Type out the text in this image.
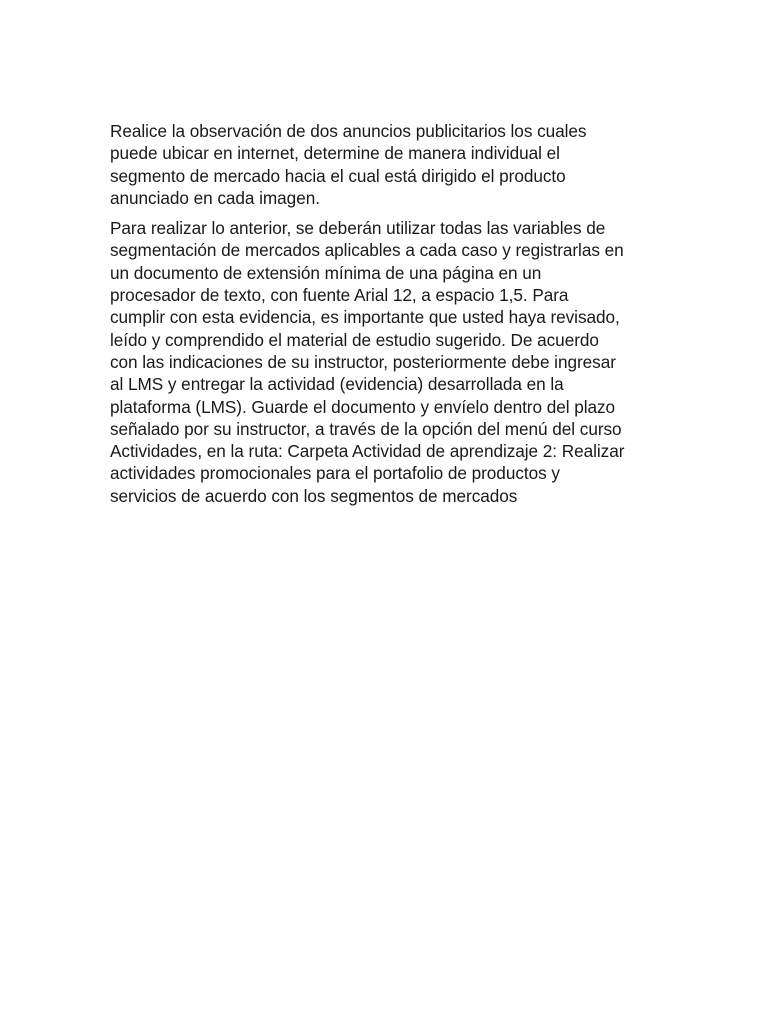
Realice la observación de dos anuncios publicitarios los cuales
puede ubicar en internet, determine de manera individual el
segmento de mercado hacia el cual está dirigido el producto
anunciado en cada imagen.

Para realizar lo anterior, se deberán utilizar todas las variables de
segmentación de mercados aplicables a cada caso y registrarlas en
un documento de extensión mínima de una página en un
procesador de texto, con fuente Arial 12, a espacio 1,5. Para
cumplir con esta evidencia, es importante que usted haya revisado,
leído y comprendido el material de estudio sugerido. De acuerdo
con las indicaciones de su instructor, posteriormente debe ingresar
al LMS y entregar la actividad (evidencia) desarrollada en la
plataforma (LMS). Guarde el documento y envíelo dentro del plazo
señalado por su instructor, a través de la opción del menú del curso
Actividades, en la ruta: Carpeta Actividad de aprendizaje 2: Realizar
actividades promocionales para el portafolio de productos y
servicios de acuerdo con los segmentos de mercados
